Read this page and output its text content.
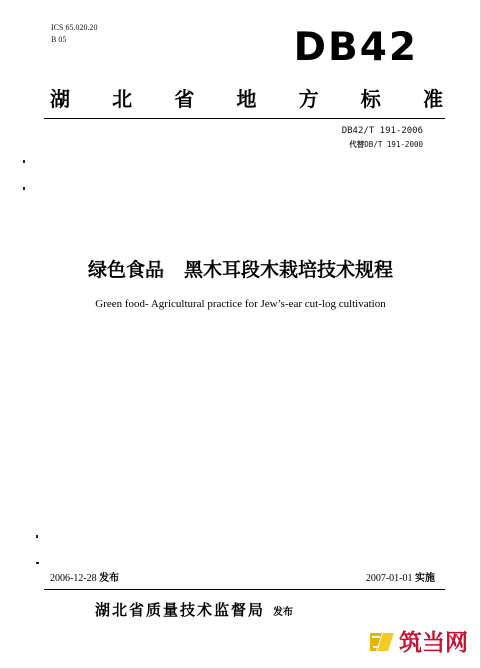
ICS 65.020.20
B 05	DB42
湖 北 省 地 方 标 准
DB42/T 191-2006
代替DB/T 191-2000
绿色食品 黑木耳段木栽培技术规程
Green food- Agricultural practice for Jew’s-ear cut-log cultivation
2006-12-28 发布	2007-01-01 实施
湖北省质量技术监督局 发布
筑当网
